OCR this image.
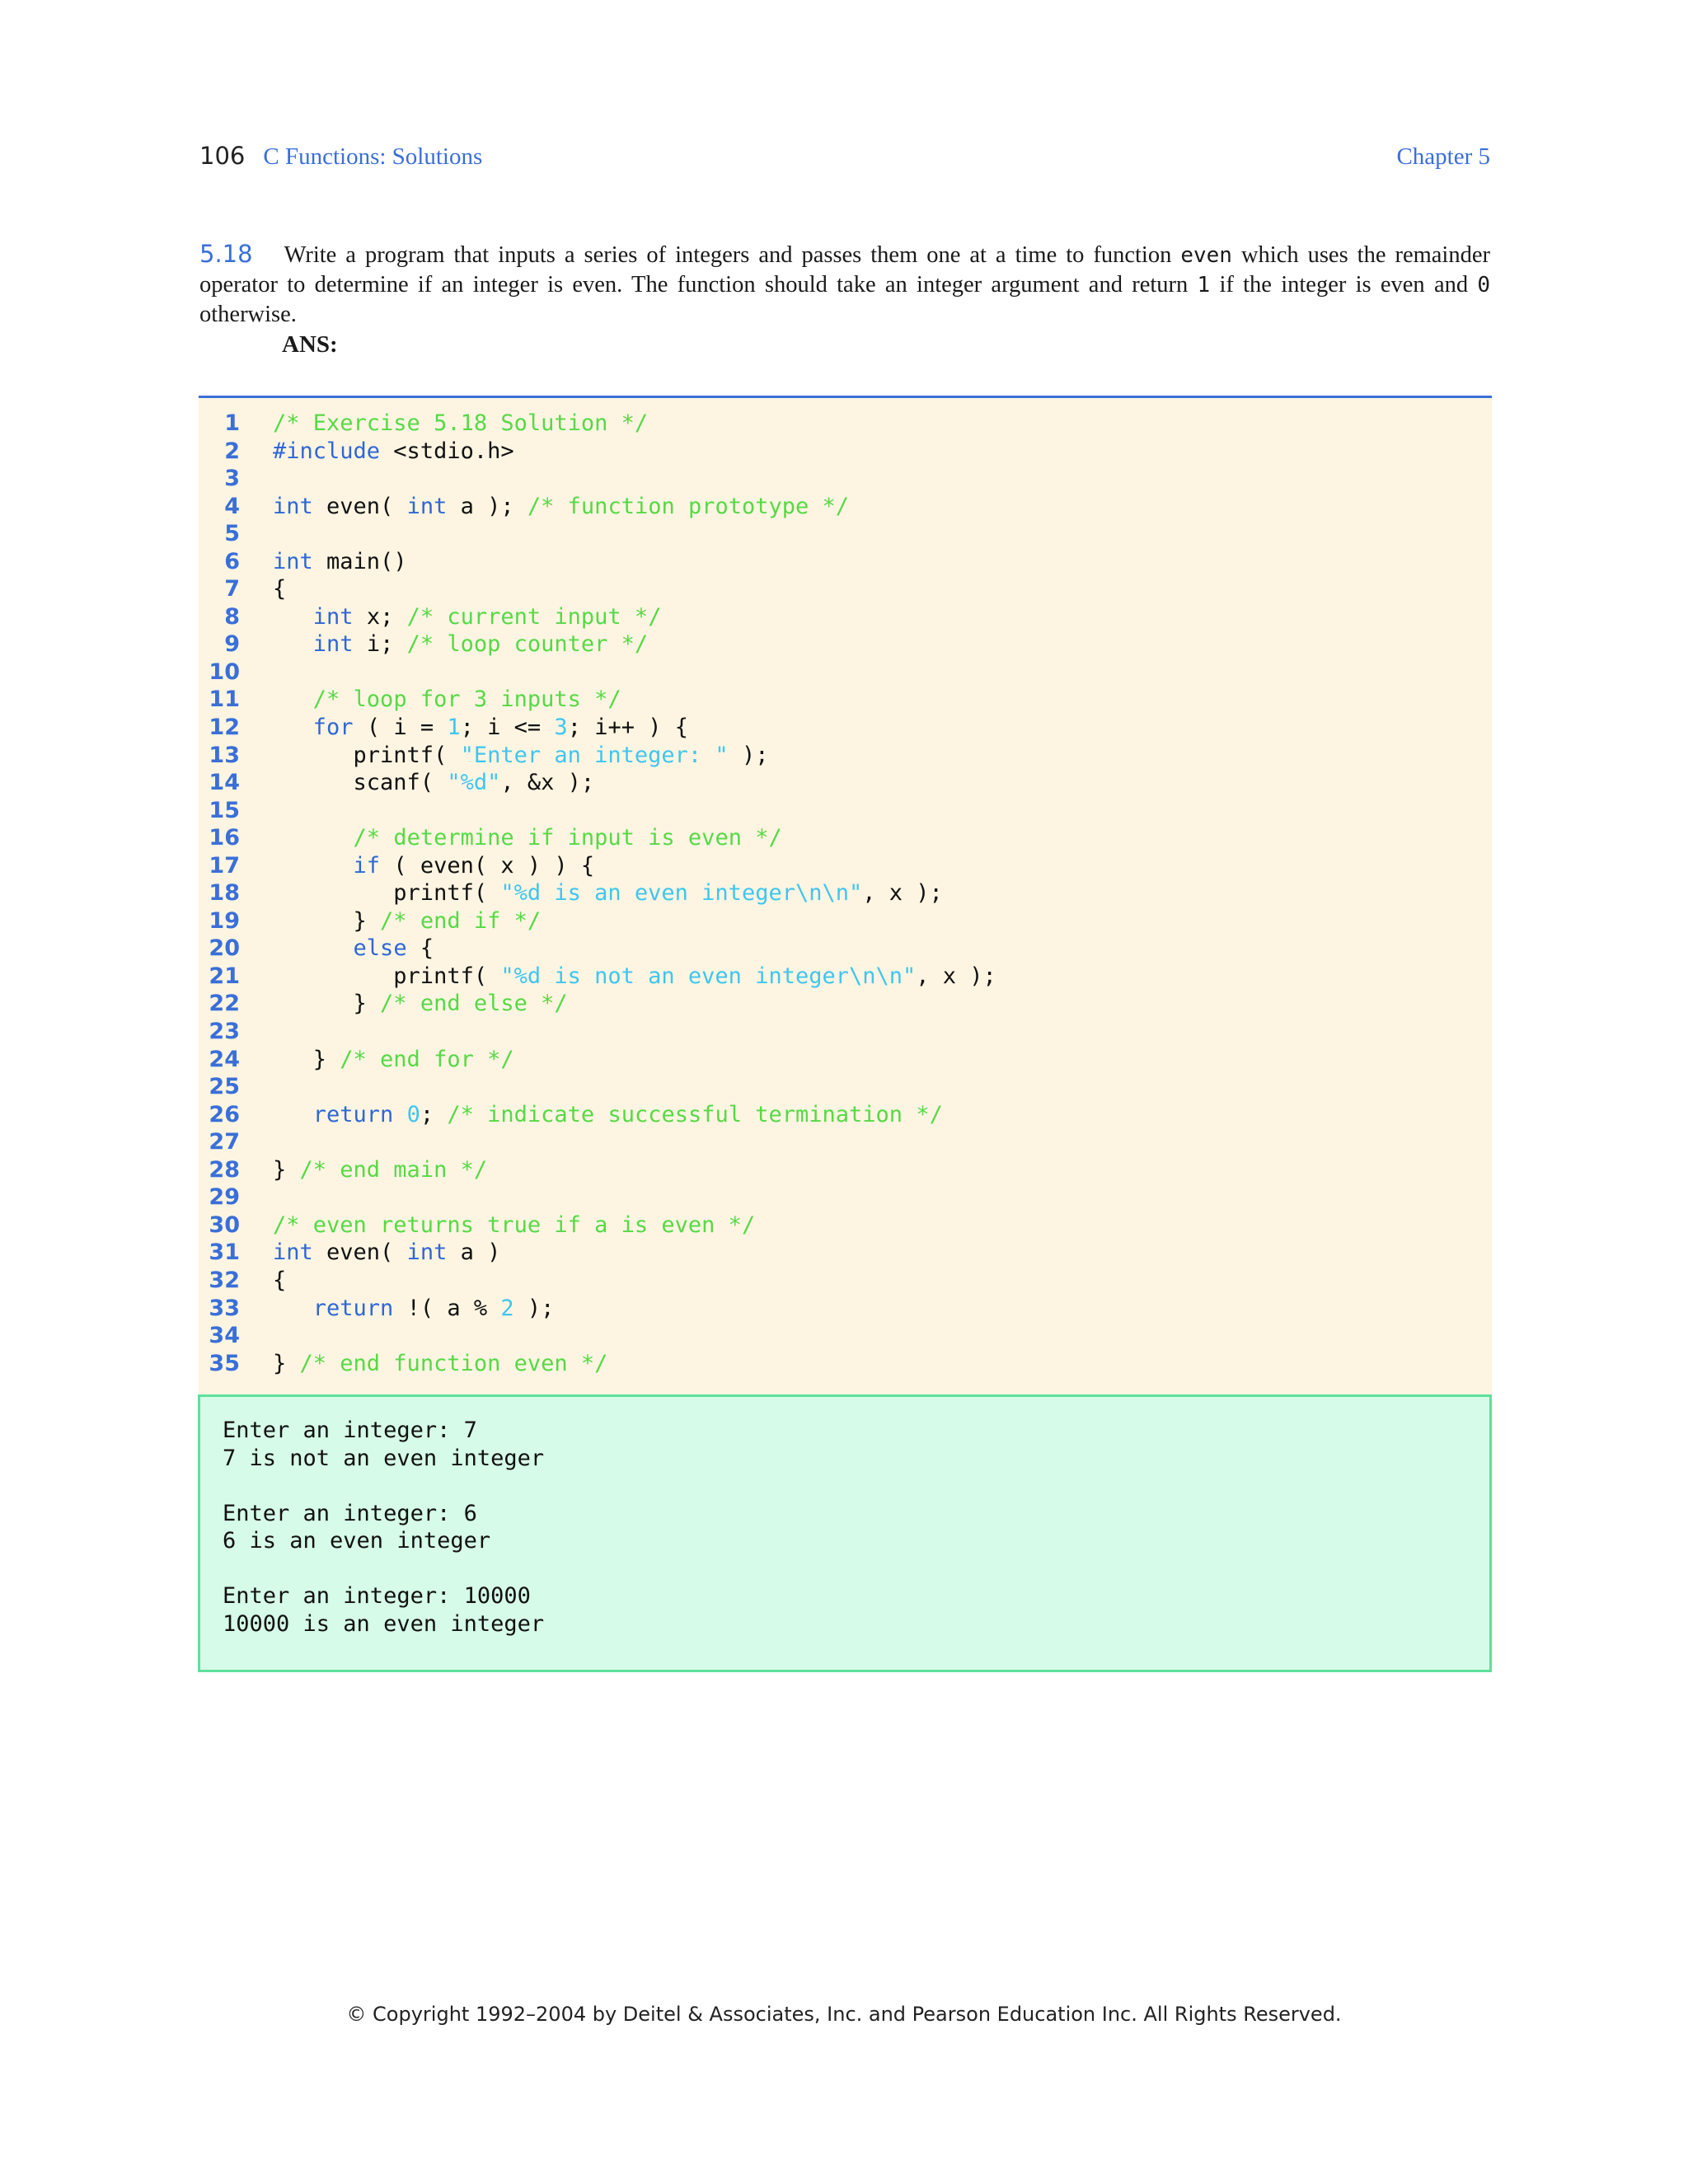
106 C Functions: Solutions	Chapter 5
5.18 Write a program that inputs a series of integers and passes them one at a time to function even which uses the remainder operator to determine if an integer is even. The function should take an integer argument and return 1 if the integer is even and 0 otherwise.
ANS:
1 /* Exercise 5.18 Solution */
2 #include <stdio.h>
3
4 int even( int a ); /* function prototype */
5
6 int main()
7 {
8	int x; /* current input */
9	int i; /* loop counter */
10
11	/* loop for 3 inputs */
12	for ( i = 1; i <= 3; i++ ) {
13 printf( "Enter an integer: " );
14 scanf( "%d", &x );
15
16	/* determine if input is even */
17	if ( even( x ) ) {
18 printf( "%d is an even integer\n\n", x );
19 } /* end if */
20	else {
21 printf( "%d is not an even integer\n\n", x );
22 } /* end else */
23
24 } /* end for */
25
26	return 0; /* indicate successful termination */
27
28 } /* end main */
29
30 /* even returns true if a is even */
31 int even( int a )
32 {
33	return !( a % 2 );
34
35 } /* end function even */
Enter an integer: 7
7 is not an even integer
Enter an integer: 6
6 is an even integer
Enter an integer: 10000
10000 is an even integer
© Copyright 1992–2004 by Deitel & Associates, Inc. and Pearson Education Inc. All Rights Reserved.
